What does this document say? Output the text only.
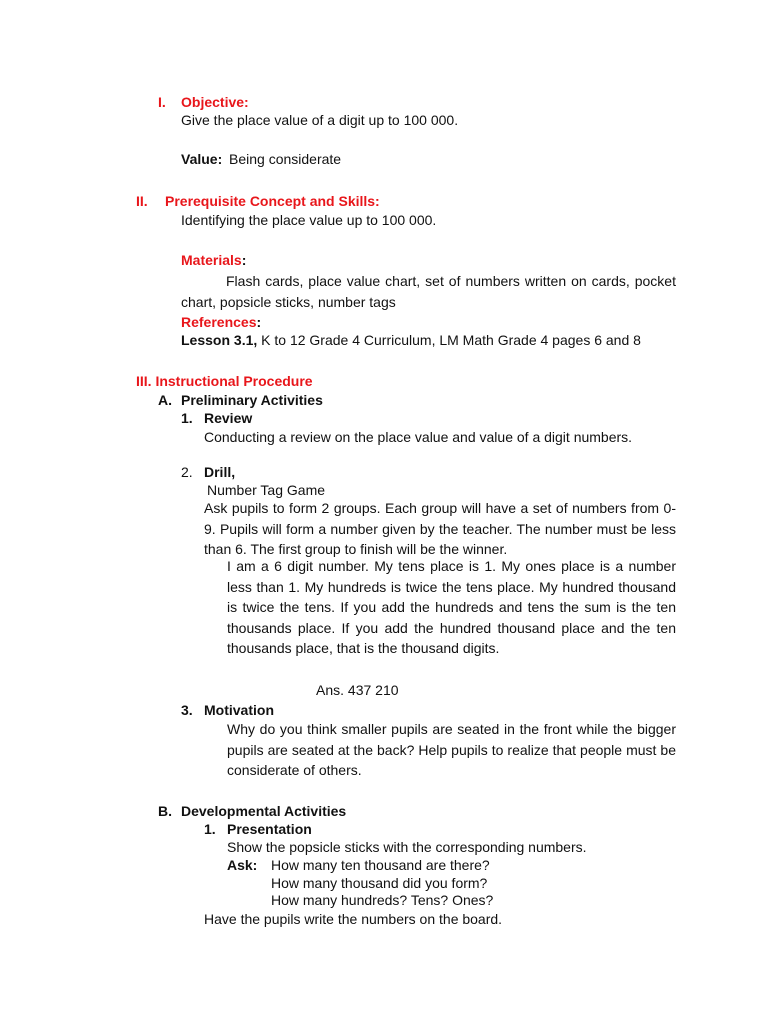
I. Objective:
Give the place value of a digit up to 100 000.
Value: Being considerate
II. Prerequisite Concept and Skills:
Identifying the place value up to 100 000.
Materials:
Flash cards, place value chart, set of numbers written on cards, pocket chart, popsicle sticks, number tags
References:
Lesson 3.1, K to 12 Grade 4 Curriculum, LM Math Grade 4 pages 6 and 8
III. Instructional Procedure
A. Preliminary Activities
1. Review
Conducting a review on the place value and value of a digit numbers.
2. Drill,
Number Tag Game
Ask pupils to form 2 groups. Each group will have a set of numbers from 0-9. Pupils will form a number given by the teacher. The number must be less than 6. The first group to finish will be the winner.
I am a 6 digit number. My tens place is 1. My ones place is a number less than 1. My hundreds is twice the tens place. My hundred thousand is twice the tens. If you add the hundreds and tens the sum is the ten thousands place. If you add the hundred thousand place and the ten thousands place, that is the thousand digits.
Ans. 437 210
3. Motivation
Why do you think smaller pupils are seated in the front while the bigger pupils are seated at the back? Help pupils to realize that people must be considerate of others.
B. Developmental Activities
1. Presentation
Show the popsicle sticks with the corresponding numbers.
Ask: How many ten thousand are there?
How many thousand did you form?
How many hundreds? Tens? Ones?
Have the pupils write the numbers on the board.
